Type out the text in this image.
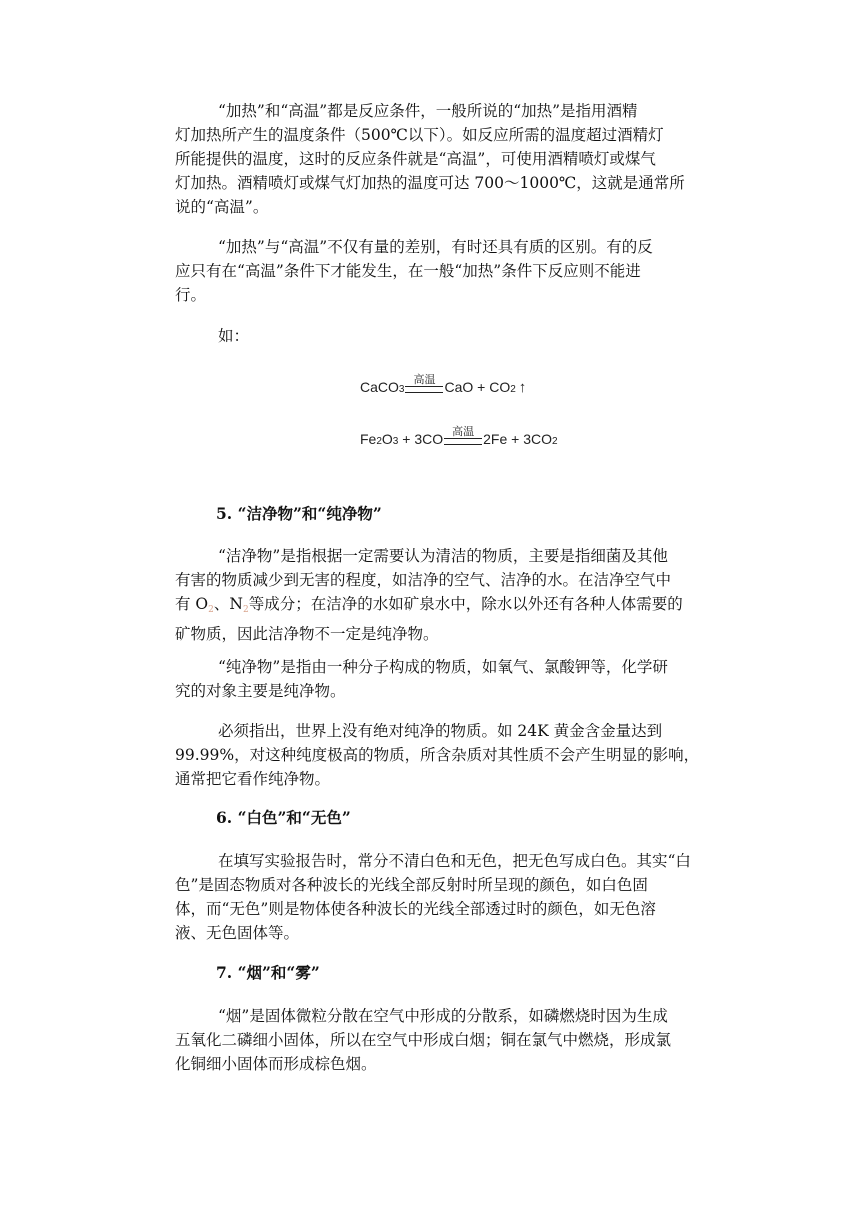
“加热”和“高温”都是反应条件，一般所说的“加热”是指用酒精
灯加热所产生的温度条件（500℃以下）。如反应所需的温度超过酒精灯
所能提供的温度，这时的反应条件就是“高温”，可使用酒精喷灯或煤气
灯加热。酒精喷灯或煤气灯加热的温度可达 700～1000℃，这就是通常所
说的“高温”。

“加热”与“高温”不仅有量的差别，有时还具有质的区别。有的反
应只有在“高温”条件下才能发生，在一般“加热”条件下反应则不能进
行。

如：

CaCO 3
高温 CaO + CO 2 ↑
Fe 2 O 3 + 3CO 高温 2Fe + 3CO 2
5. “洁净物”和“纯净物”

“洁净物”是指根据一定需要认为清洁的物质，主要是指细菌及其他
有害的物质减少到无害的程度，如洁净的空气、洁净的水。在洁净空气中
有 O2、N2等成分；在洁净的水如矿泉水中，除水以外还有各种人体需要的
矿物质，因此洁净物不一定是纯净物。

“纯净物”是指由一种分子构成的物质，如氧气、氯酸钾等，化学研
究的对象主要是纯净物。

必须指出，世界上没有绝对纯净的物质。如 24K 黄金含金量达到
99.99%，对这种纯度极高的物质，所含杂质对其性质不会产生明显的影响，
通常把它看作纯净物。

6. “白色”和“无色”

在填写实验报告时，常分不清白色和无色，把无色写成白色。其实“白
色”是固态物质对各种波长的光线全部反射时所呈现的颜色，如白色固
体，而“无色”则是物体使各种波长的光线全部透过时的颜色，如无色溶
液、无色固体等。

7. “烟”和“雾”

“烟”是固体微粒分散在空气中形成的分散系，如磷燃烧时因为生成
五氧化二磷细小固体，所以在空气中形成白烟；铜在氯气中燃烧，形成氯
化铜细小固体而形成棕色烟。
